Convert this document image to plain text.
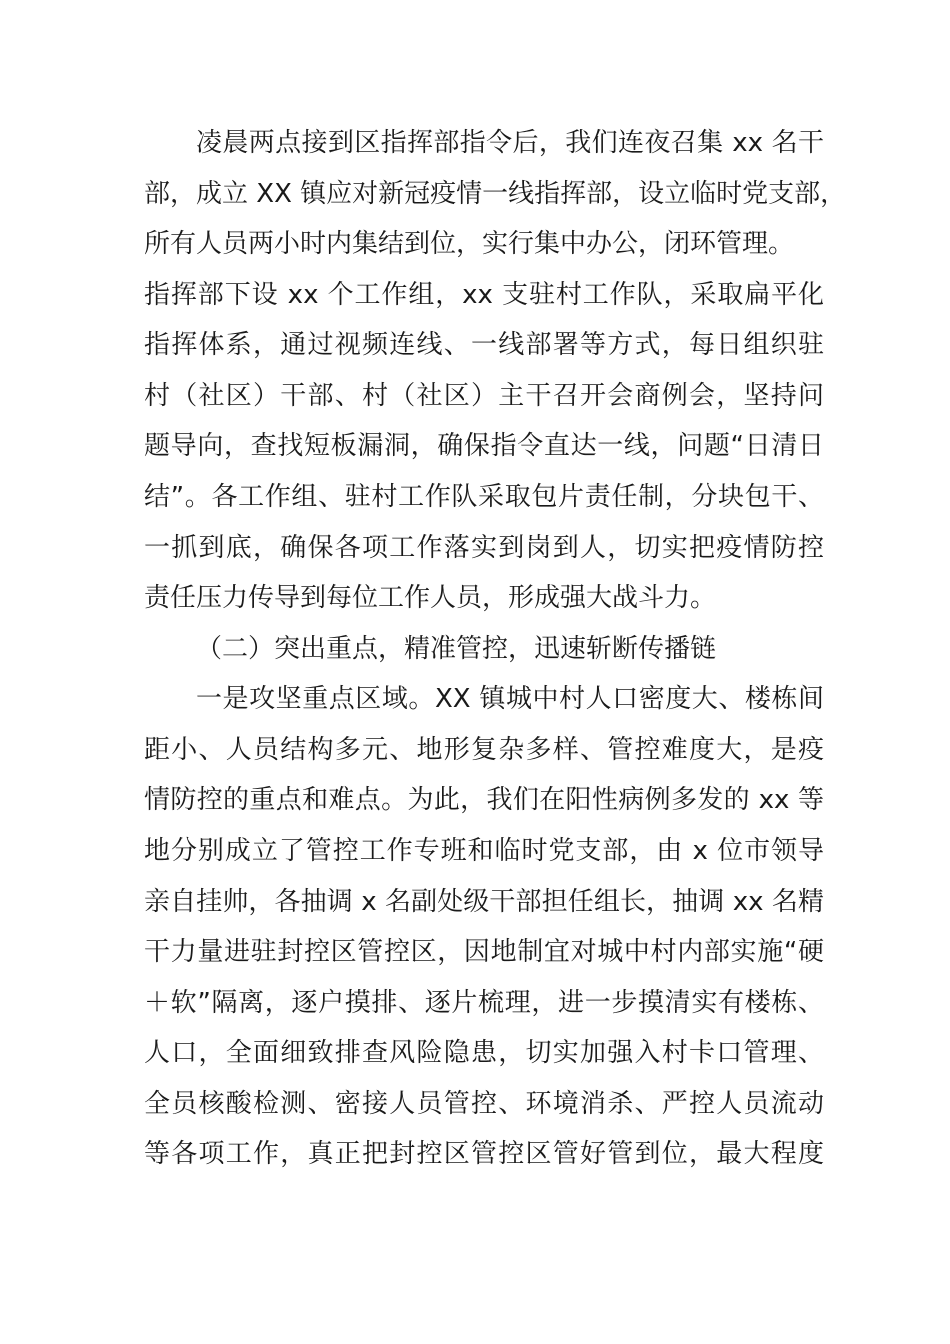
凌晨两点接到区指挥部指令后，我们连夜召集 xx 名干
部，成立 XX 镇应对新冠疫情一线指挥部，设立临时党支部，
所有人员两小时内集结到位，实行集中办公，闭环管理。
指挥部下设 xx 个工作组，xx 支驻村工作队，采取扁平化
指挥体系，通过视频连线、一线部署等方式，每日组织驻
村（社区）干部、村（社区）主干召开会商例会，坚持问
题导向，查找短板漏洞，确保指令直达一线，问题“日清日
结”。各工作组、驻村工作队采取包片责任制，分块包干、
一抓到底，确保各项工作落实到岗到人，切实把疫情防控
责任压力传导到每位工作人员，形成强大战斗力。
（二）突出重点，精准管控，迅速斩断传播链
一是攻坚重点区域。XX 镇城中村人口密度大、楼栋间
距小、人员结构多元、地形复杂多样、管控难度大，是疫
情防控的重点和难点。为此，我们在阳性病例多发的 xx 等
地分别成立了管控工作专班和临时党支部，由 x 位市领导
亲自挂帅，各抽调 x 名副处级干部担任组长，抽调 xx 名精
干力量进驻封控区管控区，因地制宜对城中村内部实施“硬
＋软”隔离，逐户摸排、逐片梳理，进一步摸清实有楼栋、
人口，全面细致排查风险隐患，切实加强入村卡口管理、
全员核酸检测、密接人员管控、环境消杀、严控人员流动
等各项工作，真正把封控区管控区管好管到位，最大程度
